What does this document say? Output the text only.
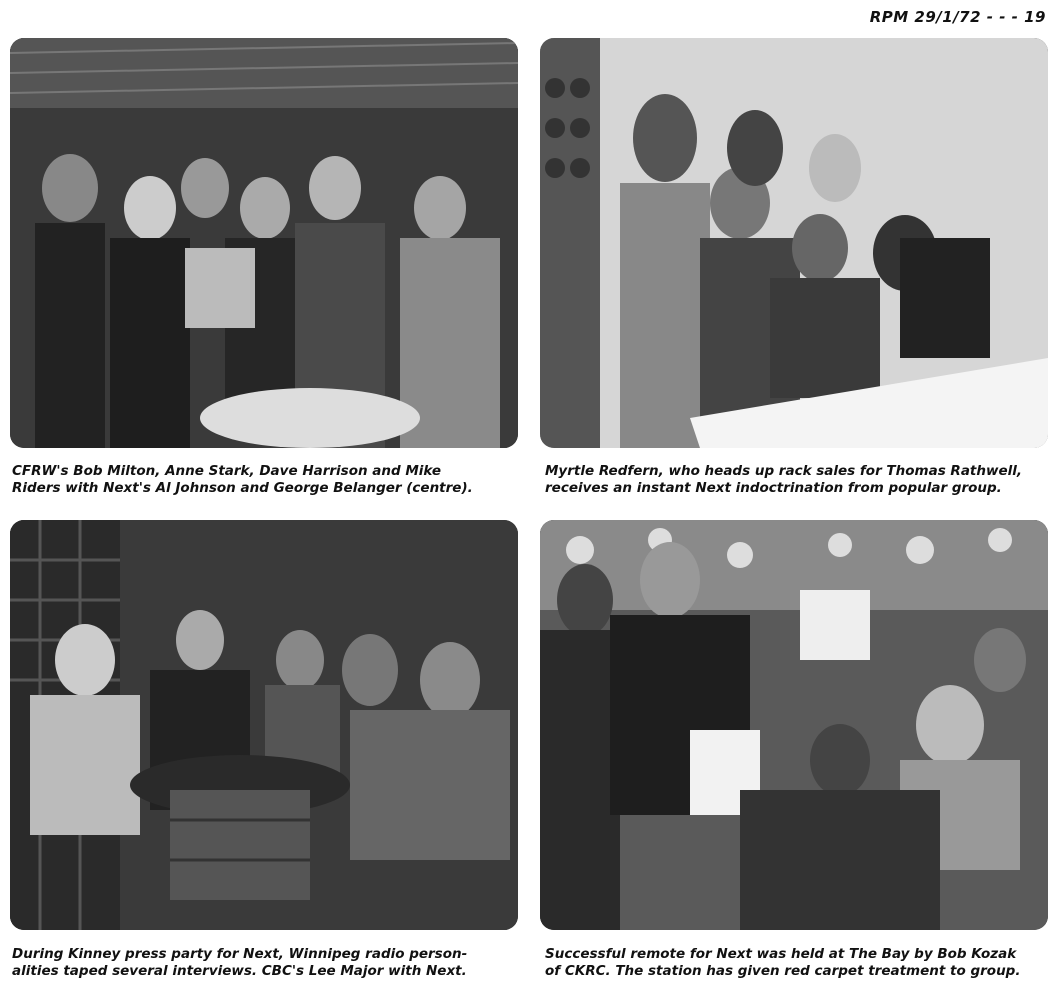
RPM 29/1/72 - - - 19
CFRW's Bob Milton, Anne Stark, Dave Harrison and Mike
Riders with Next's Al Johnson and George Belanger (centre).
Myrtle Redfern, who heads up rack sales for Thomas Rathwell,
receives an instant Next indoctrination from popular group.
During Kinney press party for Next, Winnipeg radio person-
alities taped several interviews. CBC's Lee Major with Next.
Successful remote for Next was held at The Bay by Bob Kozak
of CKRC. The station has given red carpet treatment to group.
